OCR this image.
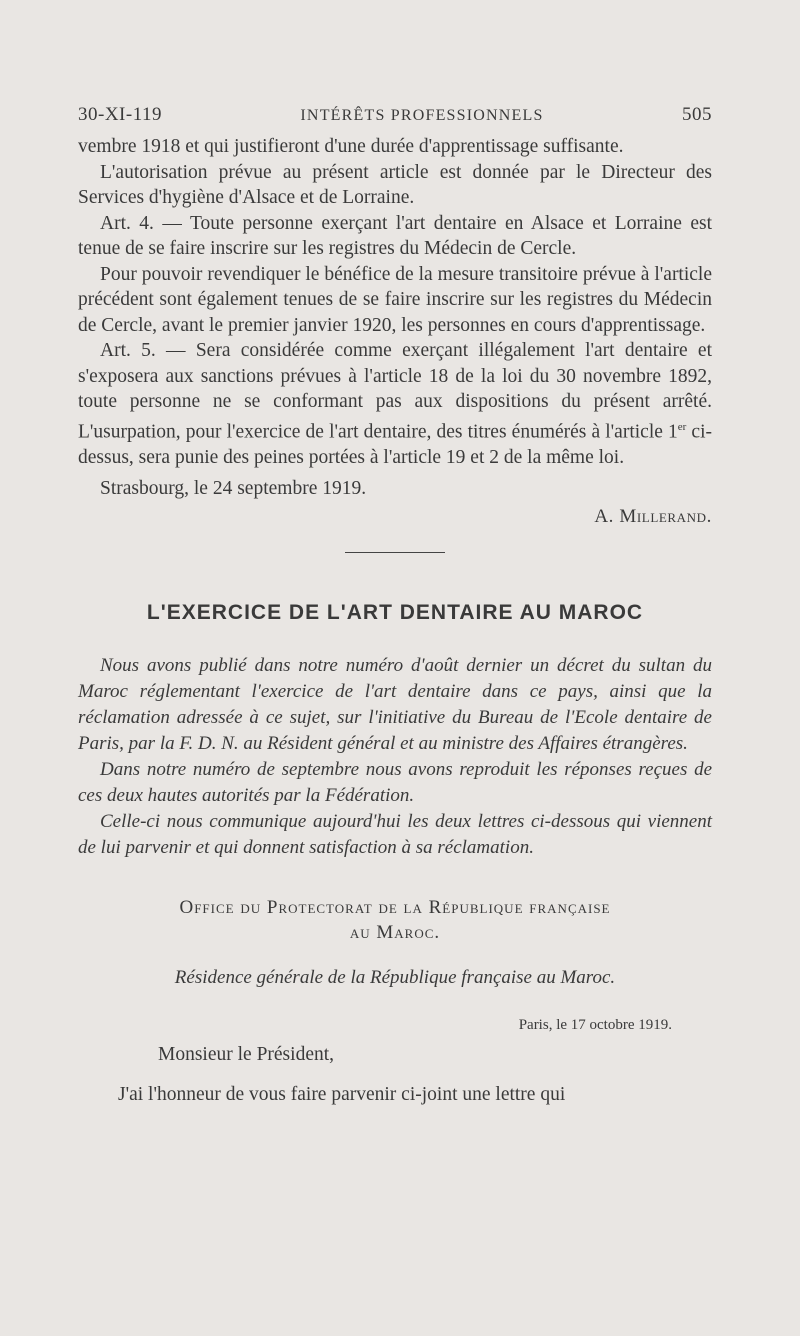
30-XI-119	INTÉRÊTS PROFESSIONNELS	505

vembre 1918 et qui justifieront d'une durée d'apprentissage suffisante.

L'autorisation prévue au présent article est donnée par le Directeur des Services d'hygiène d'Alsace et de Lorraine.

Art. 4. — Toute personne exerçant l'art dentaire en Alsace et Lorraine est tenue de se faire inscrire sur les registres du Médecin de Cercle.

Pour pouvoir revendiquer le bénéfice de la mesure transitoire prévue à l'article précédent sont également tenues de se faire inscrire sur les registres du Médecin de Cercle, avant le premier janvier 1920, les personnes en cours d'apprentissage.

Art. 5. — Sera considérée comme exerçant illégalement l'art dentaire et s'exposera aux sanctions prévues à l'article 18 de la loi du 30 novembre 1892, toute personne ne se conformant pas aux dispositions du présent arrêté. L'usurpation, pour l'exercice de l'art dentaire, des titres énumérés à l'article 1er ci-dessus, sera punie des peines portées à l'article 19 et 2 de la même loi.

Strasbourg, le 24 septembre 1919.

A. Millerand.
L'EXERCICE DE L'ART DENTAIRE AU MAROC

Nous avons publié dans notre numéro d'août dernier un décret du sultan du Maroc réglementant l'exercice de l'art dentaire dans ce pays, ainsi que la réclamation adressée à ce sujet, sur l'initiative du Bureau de l'Ecole dentaire de Paris, par la F. D. N. au Résident général et au ministre des Affaires étrangères.

Dans notre numéro de septembre nous avons reproduit les réponses reçues de ces deux hautes autorités par la Fédération.

Celle-ci nous communique aujourd'hui les deux lettres ci-dessous qui viennent de lui parvenir et qui donnent satisfaction à sa réclamation.

Office du Protectorat de la République française
au Maroc.
Résidence générale de la République française au Maroc.
Paris, le 17 octobre 1919.
Monsieur le Président,

J'ai l'honneur de vous faire parvenir ci-joint une lettre qui
